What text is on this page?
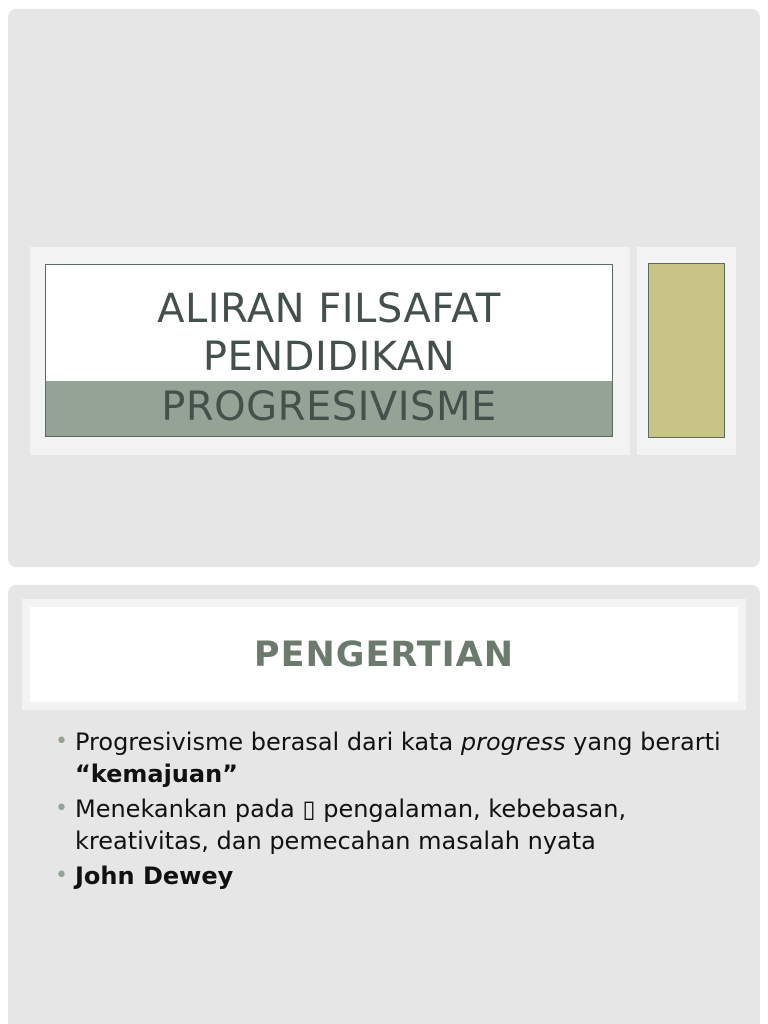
ALIRAN FILSAFAT
PENDIDIKAN
PROGRESIVISME
PENGERTIAN
• Progresivisme berasal dari kata progress yang berarti “kemajuan”
• Menekankan pada ▯ pengalaman, kebebasan, kreativitas, dan pemecahan masalah nyata
• John Dewey
